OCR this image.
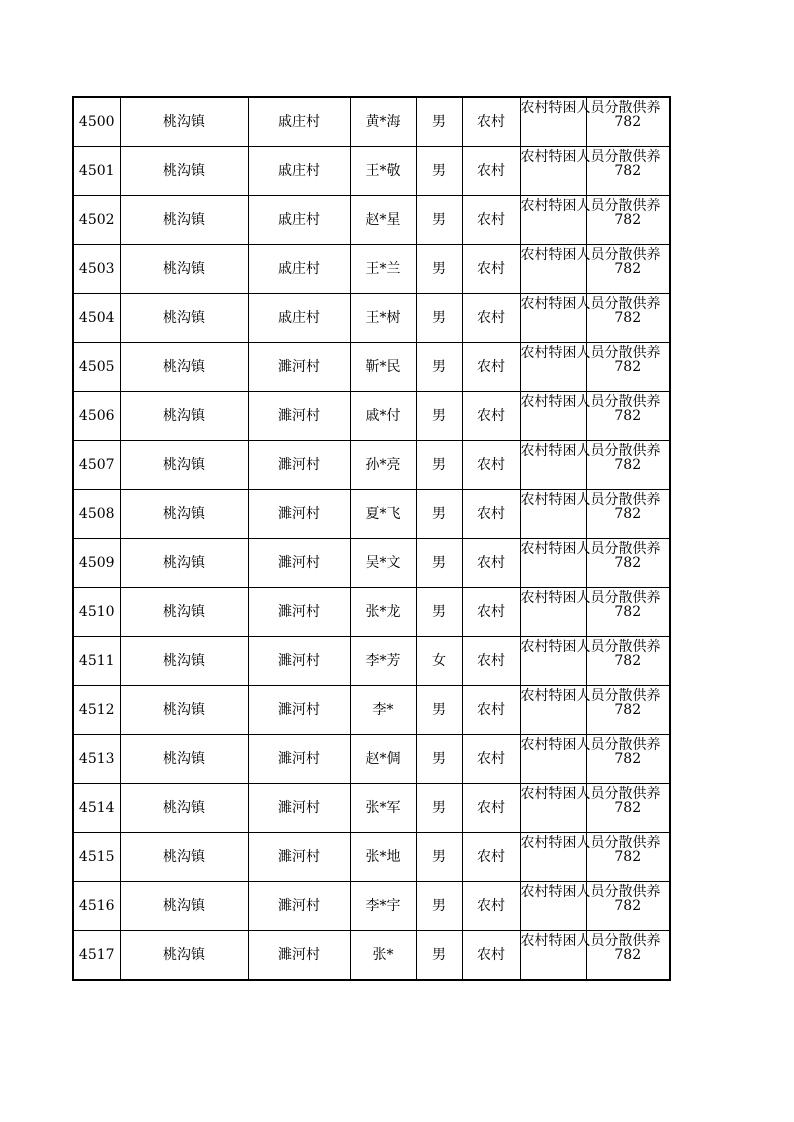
4500	桃沟镇	戚庄村	黄*海	男	农村	农村特困人员分散供养	782
4501	桃沟镇	戚庄村	王*敬	男	农村	农村特困人员分散供养	782
4502	桃沟镇	戚庄村	赵*星	男	农村	农村特困人员分散供养	782
4503	桃沟镇	戚庄村	王*兰	男	农村	农村特困人员分散供养	782
4504	桃沟镇	戚庄村	王*树	男	农村	农村特困人员分散供养	782
4505	桃沟镇	濉河村	靳*民	男	农村	农村特困人员分散供养	782
4506	桃沟镇	濉河村	戚*付	男	农村	农村特困人员分散供养	782
4507	桃沟镇	濉河村	孙*亮	男	农村	农村特困人员分散供养	782
4508	桃沟镇	濉河村	夏*飞	男	农村	农村特困人员分散供养	782
4509	桃沟镇	濉河村	吴*文	男	农村	农村特困人员分散供养	782
4510	桃沟镇	濉河村	张*龙	男	农村	农村特困人员分散供养	782
4511	桃沟镇	濉河村	李*芳	女	农村	农村特困人员分散供养	782
4512	桃沟镇	濉河村	李*	男	农村	农村特困人员分散供养	782
4513	桃沟镇	濉河村	赵*倜	男	农村	农村特困人员分散供养	782
4514	桃沟镇	濉河村	张*军	男	农村	农村特困人员分散供养	782
4515	桃沟镇	濉河村	张*地	男	农村	农村特困人员分散供养	782
4516	桃沟镇	濉河村	李*宇	男	农村	农村特困人员分散供养	782
4517	桃沟镇	濉河村	张*	男	农村	农村特困人员分散供养	782
